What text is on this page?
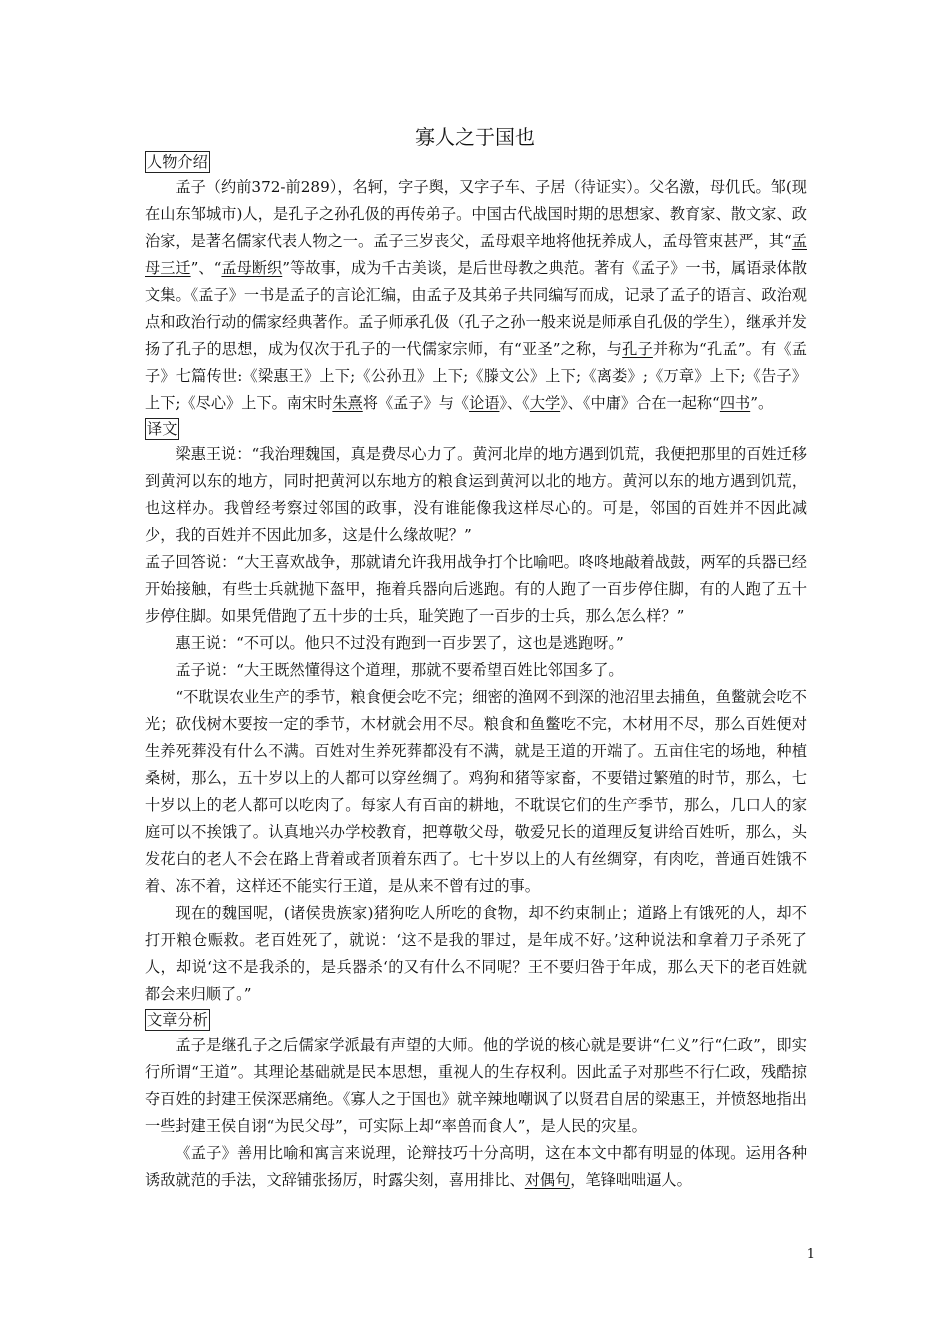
寡人之于国也
人物介绍

孟子（约前372-前289），名轲，字子舆，又字子车、子居（待证实）。父名激，母仉氏。邹(现在山东邹城市)人，是孔子之孙孔伋的再传弟子。中国古代战国时期的思想家、教育家、散文家、政治家，是著名儒家代表人物之一。孟子三岁丧父，孟母艰辛地将他抚养成人，孟母管束甚严，其“孟母三迁”、“孟母断织”等故事，成为千古美谈，是后世母教之典范。著有《孟子》一书，属语录体散文集。《孟子》一书是孟子的言论汇编，由孟子及其弟子共同编写而成，记录了孟子的语言、政治观点和政治行动的儒家经典著作。孟子师承孔伋（孔子之孙一般来说是师承自孔伋的学生），继承并发扬了孔子的思想，成为仅次于孔子的一代儒家宗师，有“亚圣”之称，与孔子并称为“孔孟”。有《孟子》七篇传世:《梁惠王》上下;《公孙丑》上下;《滕文公》上下;《离娄》;《万章》上下;《告子》上下;《尽心》上下。南宋时朱熹将《孟子》与《论语》、《大学》、《中庸》合在一起称“四书”。

译文

梁惠王说：“我治理魏国，真是费尽心力了。黄河北岸的地方遇到饥荒，我便把那里的百姓迁移到黄河以东的地方，同时把黄河以东地方的粮食运到黄河以北的地方。黄河以东的地方遇到饥荒，也这样办。我曾经考察过邻国的政事，没有谁能像我这样尽心的。可是，邻国的百姓并不因此减少，我的百姓并不因此加多，这是什么缘故呢？”

孟子回答说：“大王喜欢战争，那就请允许我用战争打个比喻吧。咚咚地敲着战鼓，两军的兵器已经开始接触，有些士兵就抛下盔甲，拖着兵器向后逃跑。有的人跑了一百步停住脚，有的人跑了五十步停住脚。如果凭借跑了五十步的士兵，耻笑跑了一百步的士兵，那么怎么样？”

惠王说：“不可以。他只不过没有跑到一百步罢了，这也是逃跑呀。”

孟子说：“大王既然懂得这个道理，那就不要希望百姓比邻国多了。

“不耽误农业生产的季节，粮食便会吃不完；细密的渔网不到深的池沼里去捕鱼，鱼鳖就会吃不光；砍伐树木要按一定的季节，木材就会用不尽。粮食和鱼鳖吃不完，木材用不尽，那么百姓便对生养死葬没有什么不满。百姓对生养死葬都没有不满，就是王道的开端了。五亩住宅的场地，种植桑树，那么，五十岁以上的人都可以穿丝绸了。鸡狗和猪等家畜，不要错过繁殖的时节，那么，七十岁以上的老人都可以吃肉了。每家人有百亩的耕地，不耽误它们的生产季节，那么，几口人的家庭可以不挨饿了。认真地兴办学校教育，把尊敬父母，敬爱兄长的道理反复讲给百姓听，那么，头发花白的老人不会在路上背着或者顶着东西了。七十岁以上的人有丝绸穿，有肉吃，普通百姓饿不着、冻不着，这样还不能实行王道，是从来不曾有过的事。

现在的魏国呢，(诸侯贵族家)猪狗吃人所吃的食物，却不约束制止；道路上有饿死的人，却不打开粮仓赈救。老百姓死了，就说：‘这不是我的罪过，是年成不好。’这种说法和拿着刀子杀死了人，却说‘这不是我杀的，是兵器杀‘的又有什么不同呢？王不要归咎于年成，那么天下的老百姓就都会来归顺了。”

文章分析

孟子是继孔子之后儒家学派最有声望的大师。他的学说的核心就是要讲“仁义”行“仁政”，即实行所谓“王道”。其理论基础就是民本思想，重视人的生存权利。因此孟子对那些不行仁政，残酷掠夺百姓的封建王侯深恶痛绝。《寡人之于国也》就辛辣地嘲讽了以贤君自居的梁惠王，并愤怒地指出一些封建王侯自诩“为民父母”，可实际上却“率兽而食人”，是人民的灾星。

《孟子》善用比喻和寓言来说理，论辩技巧十分高明，这在本文中都有明显的体现。运用各种诱敌就范的手法，文辞铺张扬厉，时露尖刻，喜用排比、对偶句，笔锋咄咄逼人。

1
